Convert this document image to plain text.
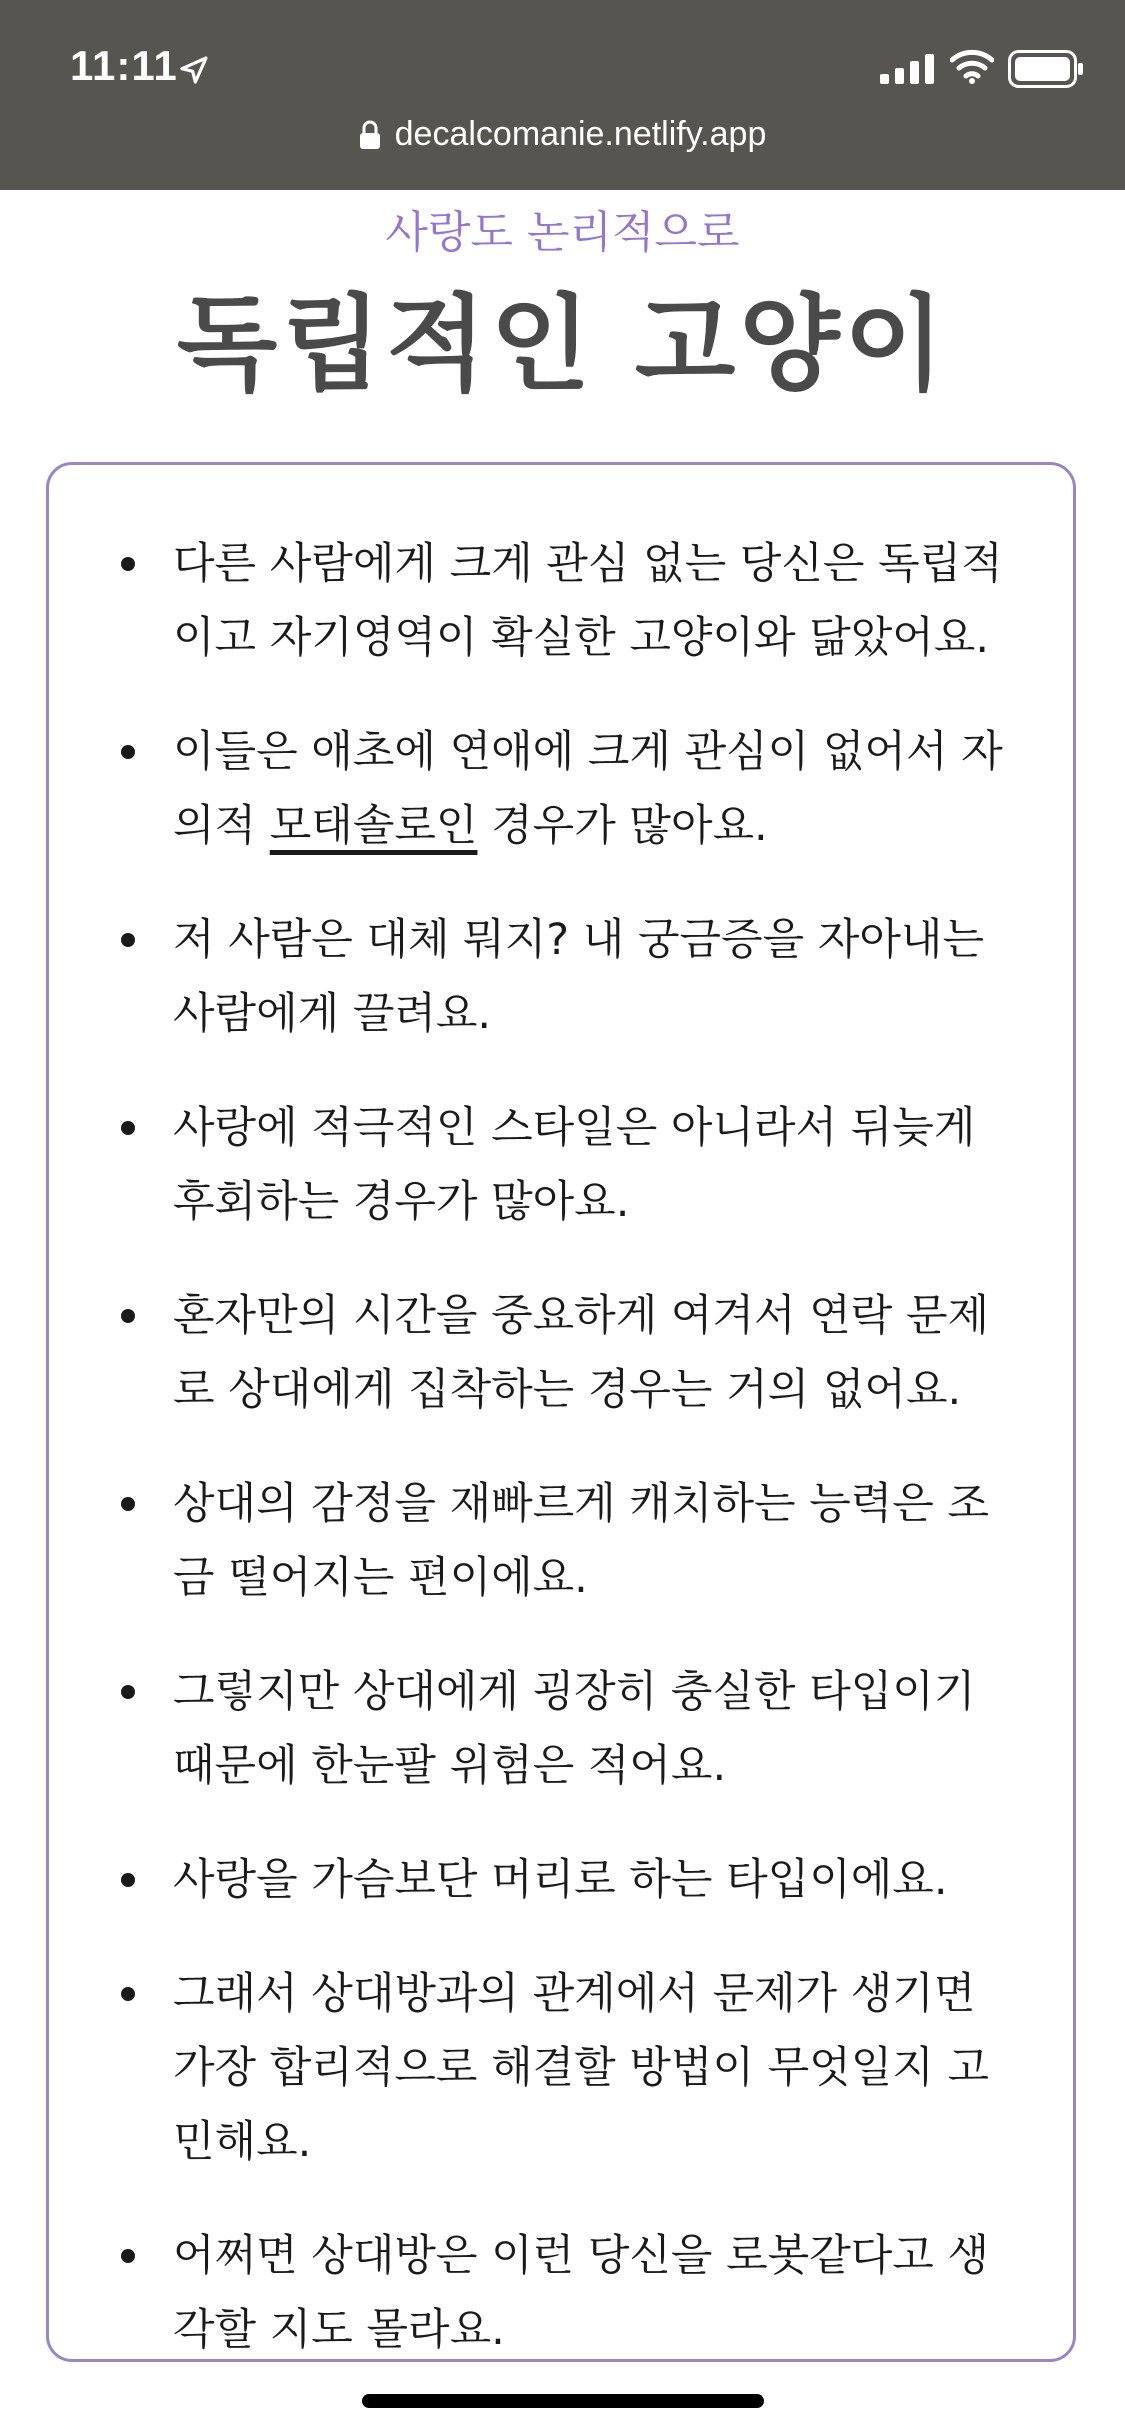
11:11
decalcomanie.netlify.app
사랑도 논리적으로
독립적인 고양이
다른 사람에게 크게 관심 없는 당신은 독립적이고 자기영역이 확실한 고양이와 닮았어요.
이들은 애초에 연애에 크게 관심이 없어서 자의적 모태솔로인 경우가 많아요.
저 사람은 대체 뭐지? 내 궁금증을 자아내는 사람에게 끌려요.
사랑에 적극적인 스타일은 아니라서 뒤늦게 후회하는 경우가 많아요.
혼자만의 시간을 중요하게 여겨서 연락 문제로 상대에게 집착하는 경우는 거의 없어요.
상대의 감정을 재빠르게 캐치하는 능력은 조금 떨어지는 편이에요.
그렇지만 상대에게 굉장히 충실한 타입이기 때문에 한눈팔 위험은 적어요.
사랑을 가슴보단 머리로 하는 타입이에요.
그래서 상대방과의 관계에서 문제가 생기면 가장 합리적으로 해결할 방법이 무엇일지 고민해요.
어쩌면 상대방은 이런 당신을 로봇같다고 생각할 지도 몰라요.
